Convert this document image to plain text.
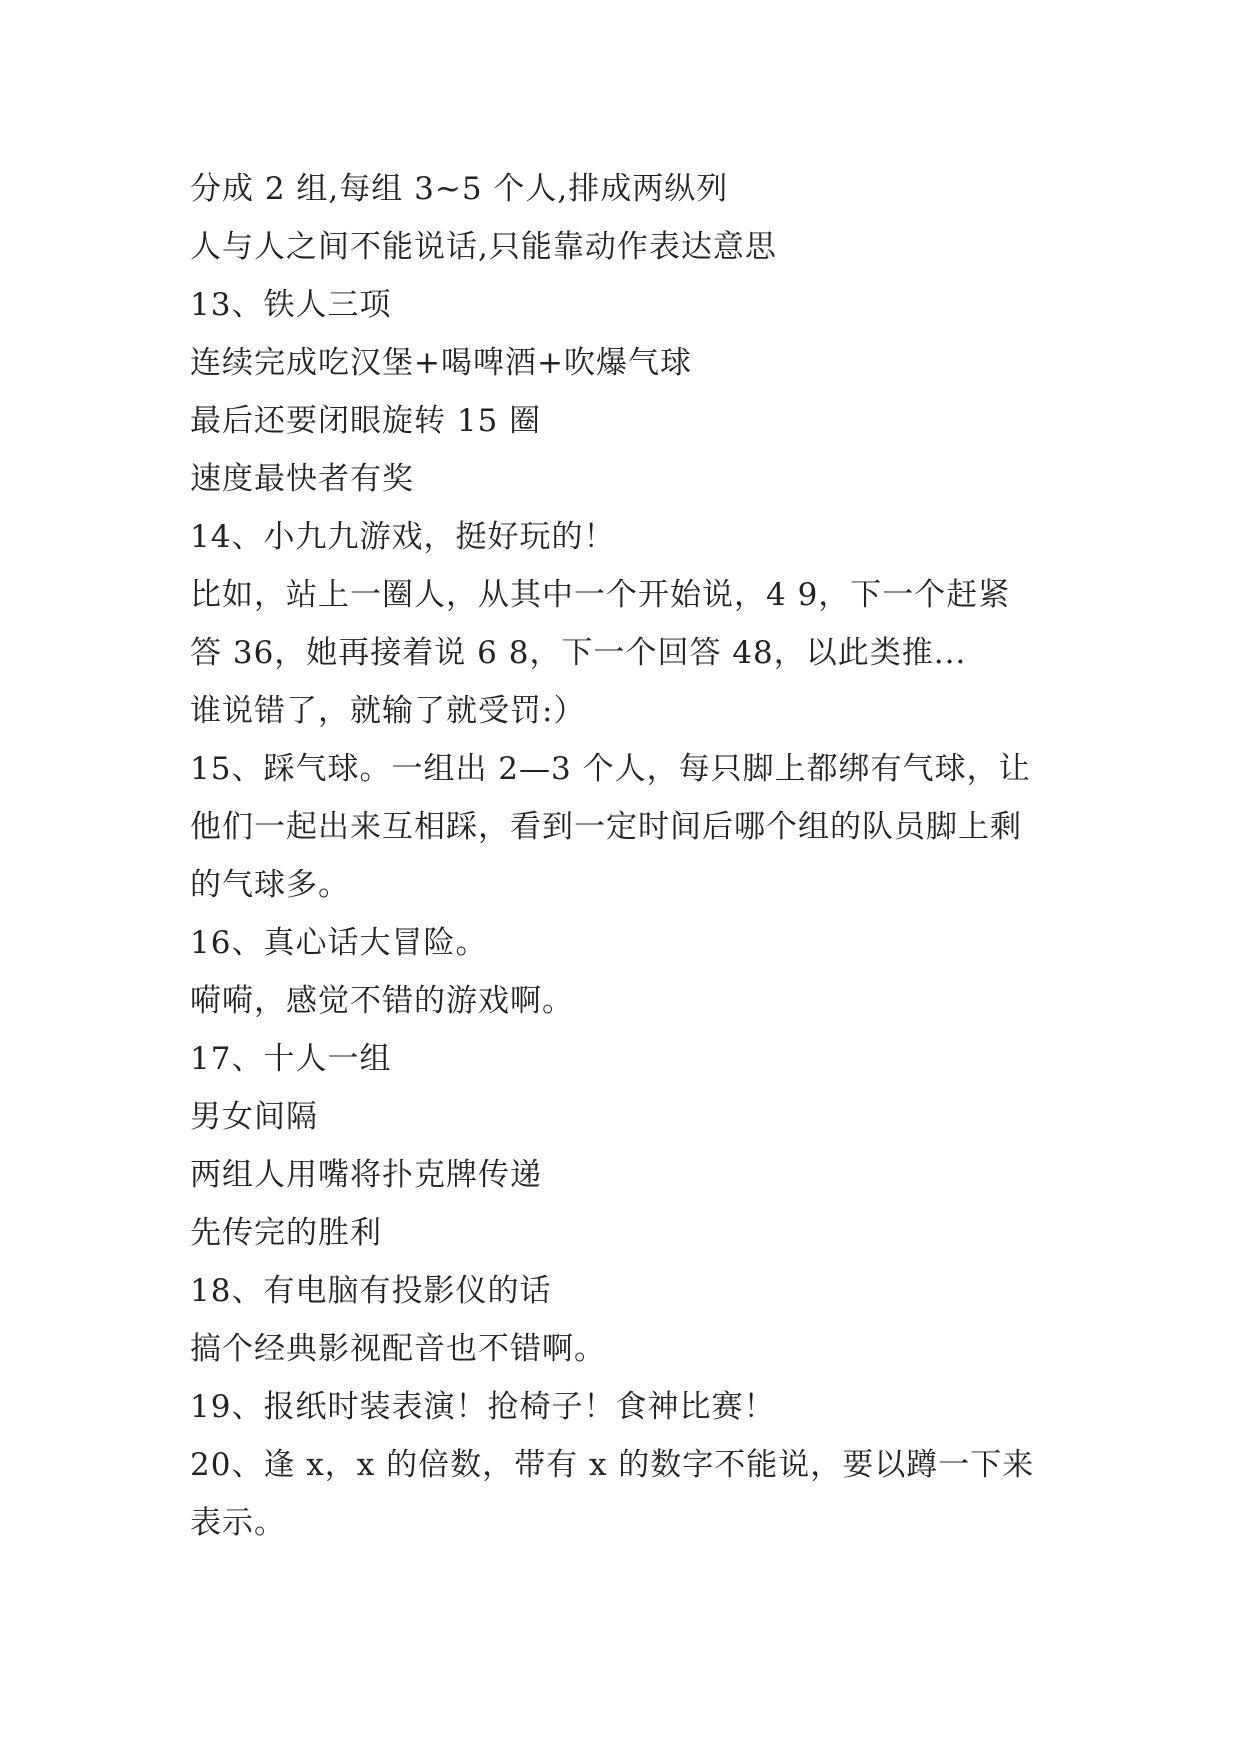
分成 2 组,每组 3~5 个人,排成两纵列
人与人之间不能说话,只能靠动作表达意思
13、铁人三项
连续完成吃汉堡+喝啤酒+吹爆气球
最后还要闭眼旋转 15 圈
速度最快者有奖
14、小九九游戏，挺好玩的！
比如，站上一圈人，从其中一个开始说，4 9，下一个赶紧
答 36，她再接着说 6 8，下一个回答 48，以此类推...
谁说错了，就输了就受罚:）
15、踩气球。一组出 2—3 个人，每只脚上都绑有气球，让
他们一起出来互相踩，看到一定时间后哪个组的队员脚上剩
的气球多。
16、真心话大冒险。
嗬嗬，感觉不错的游戏啊。
17、十人一组
男女间隔
两组人用嘴将扑克牌传递
先传完的胜利
18、有电脑有投影仪的话
搞个经典影视配音也不错啊。
19、报纸时装表演！抢椅子！食神比赛！
20、逢 x，x 的倍数，带有 x 的数字不能说，要以蹲一下来
表示。
